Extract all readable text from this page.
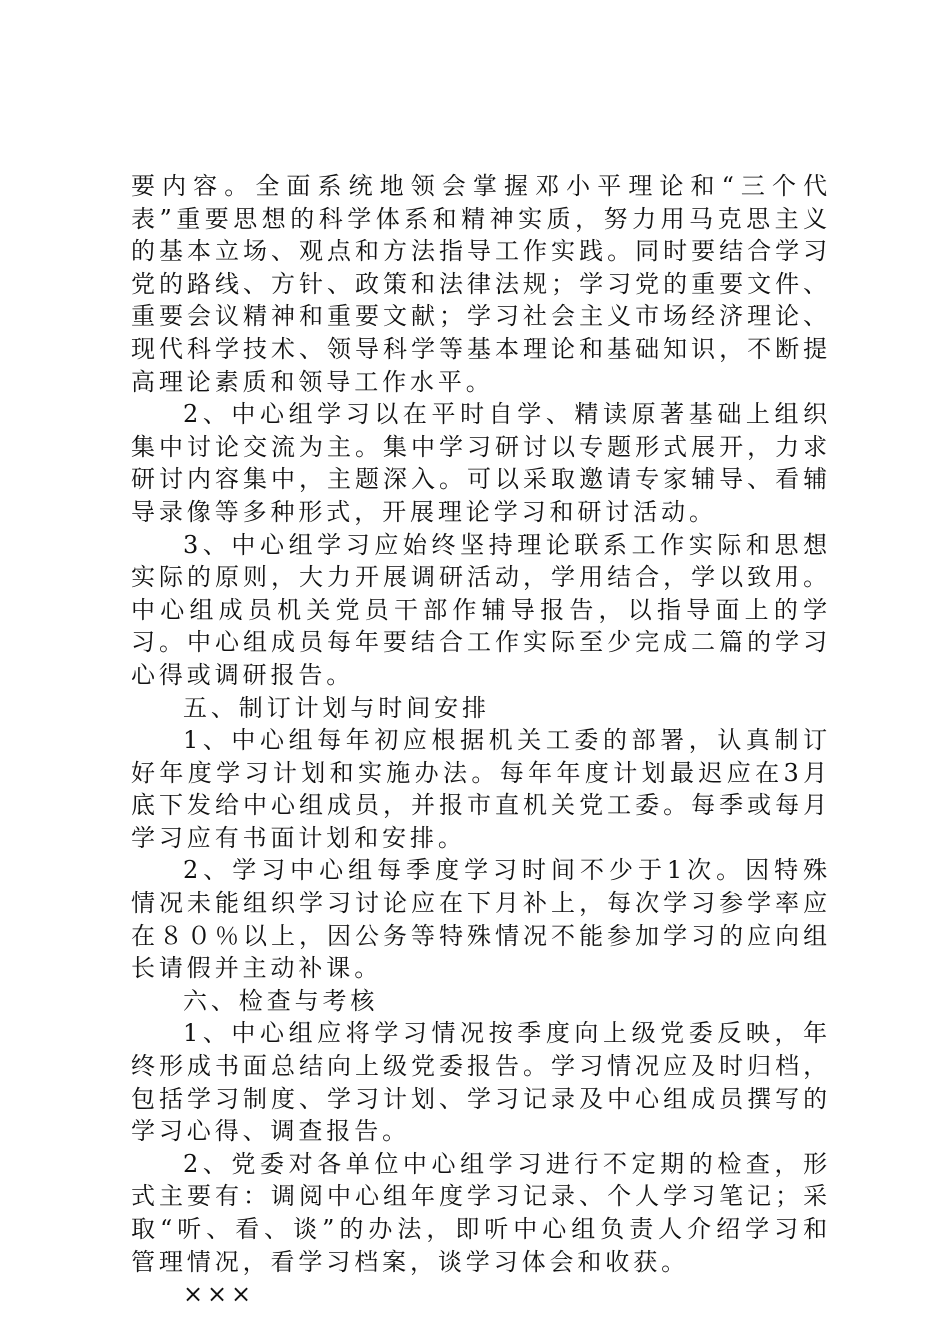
要内容。全面系统地领会掌握邓小平理论和“三个代表”重要思想的科学体系和精神实质，努力用马克思主义的基本立场、观点和方法指导工作实践。同时要结合学习党的路线、方针、政策和法律法规；学习党的重要文件、重要会议精神和重要文献；学习社会主义市场经济理论、现代科学技术、领导科学等基本理论和基础知识，不断提高理论素质和领导工作水平。

2、中心组学习以在平时自学、精读原著基础上组织集中讨论交流为主。集中学习研讨以专题形式展开，力求研讨内容集中，主题深入。可以采取邀请专家辅导、看辅导录像等多种形式，开展理论学习和研讨活动。

3、中心组学习应始终坚持理论联系工作实际和思想实际的原则，大力开展调研活动，学用结合，学以致用。中心组成员机关党员干部作辅导报告，以指导面上的学习。中心组成员每年要结合工作实际至少完成二篇的学习心得或调研报告。

五、制订计划与时间安排

1、中心组每年初应根据机关工委的部署，认真制订好年度学习计划和实施办法。每年年度计划最迟应在3月底下发给中心组成员，并报市直机关党工委。每季或每月学习应有书面计划和安排。

2、学习中心组每季度学习时间不少于1次。因特殊情况未能组织学习讨论应在下月补上，每次学习参学率应在８０％以上，因公务等特殊情况不能参加学习的应向组长请假并主动补课。

六、检查与考核

1、中心组应将学习情况按季度向上级党委反映，年终形成书面总结向上级党委报告。学习情况应及时归档，包括学习制度、学习计划、学习记录及中心组成员撰写的学习心得、调查报告。

2、党委对各单位中心组学习进行不定期的检查，形式主要有：调阅中心组年度学习记录、个人学习笔记；采取“听、看、谈”的办法，即听中心组负责人介绍学习和管理情况，看学习档案，谈学习体会和收获。

×××
